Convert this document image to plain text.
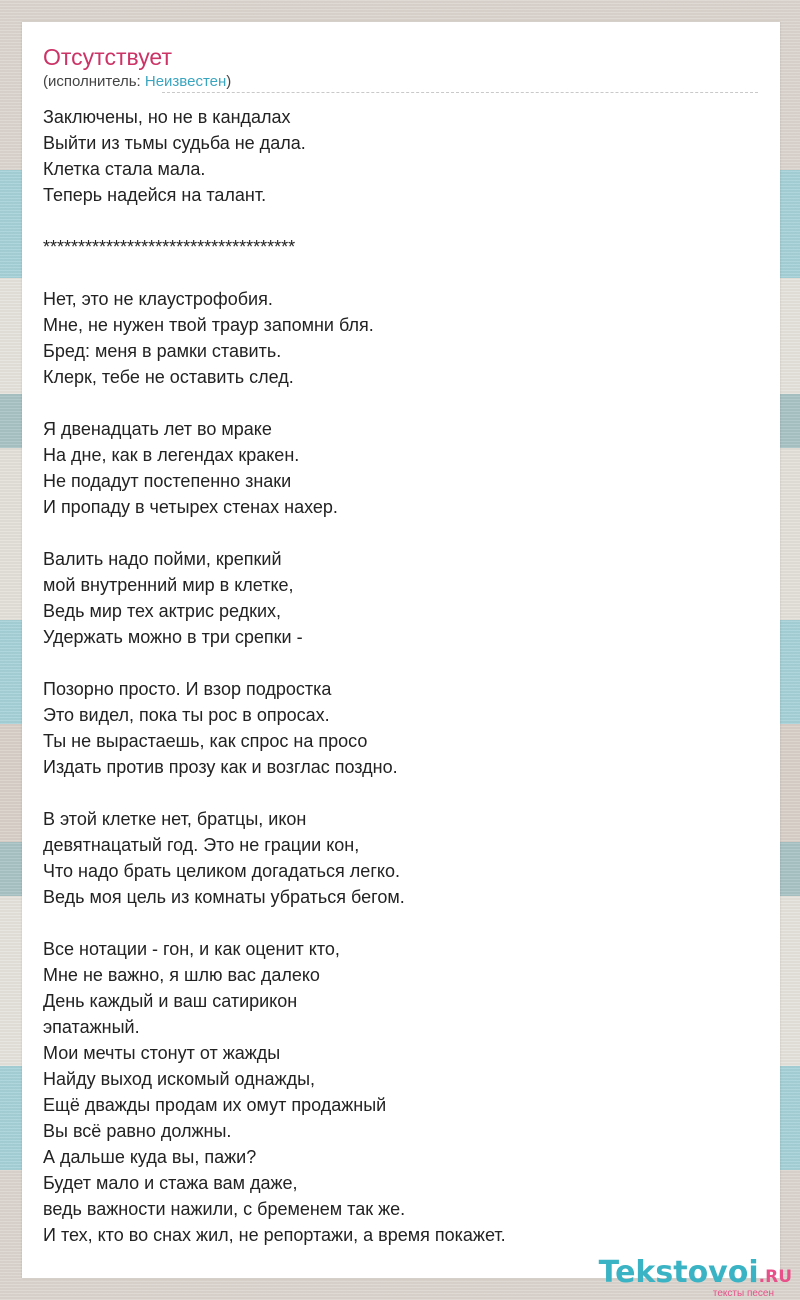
Отсутствует
(исполнитель: Неизвестен)
Заключены, но не в кандалах
Выйти из тьмы судьба не дала.
Клетка стала мала.
Теперь надейся на талант.
************************************
Нет, это не клаустрофобия.
Мне, не нужен твой траур запомни бля.
Бред: меня в рамки ставить.
Клерк, тебе не оставить след.
Я двенадцать лет во мраке
На дне, как в легендах кракен.
Не подадут постепенно знаки
И пропаду в четырех стенах нахер.
Валить надо пойми, крепкий
мой внутренний мир в клетке,
Ведь мир тех актрис редких,
Удержать можно в три срепки -
Позорно просто. И взор подростка
Это видел, пока ты рос в опросах.
Ты не вырастаешь, как спрос на просо
Издать против прозу как и возглас поздно.
В этой клетке нет, братцы, икон
девятнацатый год. Это не грации кон,
Что надо брать целиком догадаться легко.
Ведь моя цель из комнаты убраться бегом.
Все нотации - гон, и как оценит кто,
Мне не важно, я шлю вас далеко
День каждый и ваш сатирикон
эпатажный.
Мои мечты стонут от жажды
Найду выход искомый однажды,
Ещё дважды продам их омут продажный
Вы всё равно должны.
А дальше куда вы, пажи?
Будет мало и стажа вам даже,
ведь важности нажили, с бременем так же.
И тех, кто во снах жил, не репортажи, а время покажет.
Tekstovoi.RU
тексты песен
